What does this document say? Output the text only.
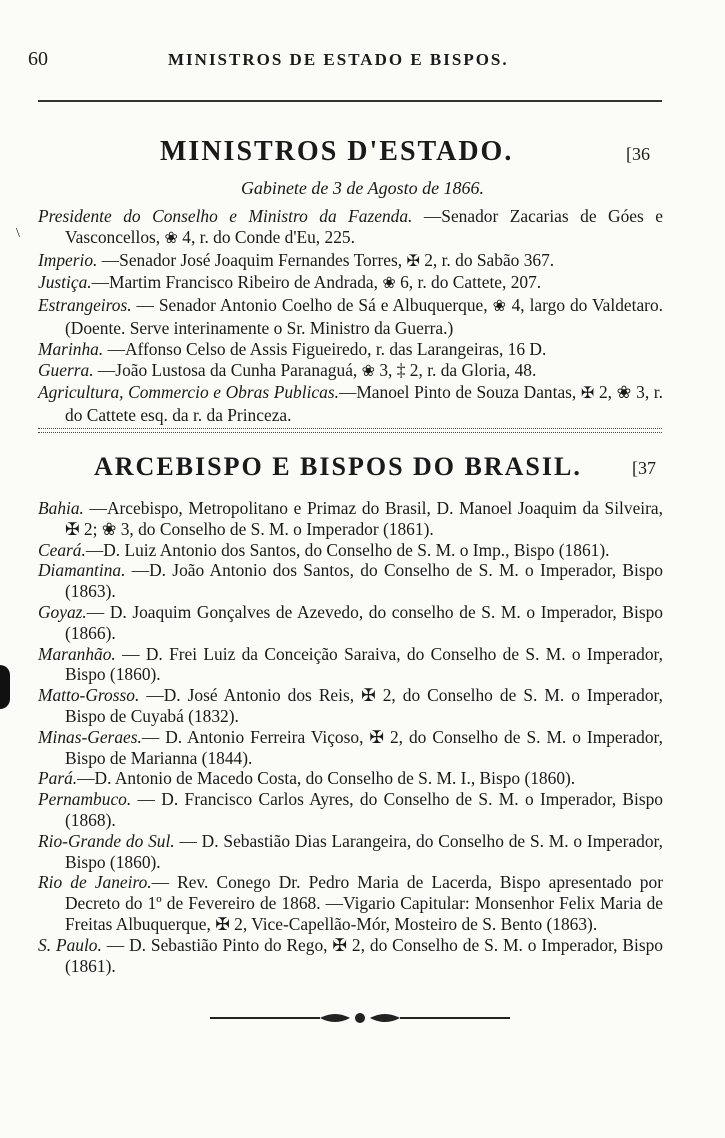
60	MINISTROS DE ESTADO E BISPOS.
MINISTROS D'ESTADO.	[36
Gabinete de 3 de Agosto de 1866.
\

Presidente do Conselho e Ministro da Fazenda. —Senador Zacarias de Góes e Vasconcellos, ❀ 4, r. do Conde d'Eu, 225.

Imperio. —Senador José Joaquim Fernandes Torres, ✠ 2, r. do Sabão 367.

Justiça.—Martim Francisco Ribeiro de Andrada, ❀ 6, r. do Cattete, 207.

Estrangeiros. — Senador Antonio Coelho de Sá e Albuquerque, ❀ 4, largo do Valdetaro. (Doente. Serve interinamente o Sr. Ministro da Guerra.)

Marinha. —Affonso Celso de Assis Figueiredo, r. das Larangeiras, 16 D.

Guerra. —João Lustosa da Cunha Paranaguá, ❀ 3, ‡ 2, r. da Gloria, 48.

Agricultura, Commercio e Obras Publicas.—Manoel Pinto de Souza Dantas, ✠ 2, ❀ 3, r. do Cattete esq. da r. da Princeza.

ARCEBISPO E BISPOS DO BRASIL.	[37

Bahia. —Arcebispo, Metropolitano e Primaz do Brasil, D. Manoel Joaquim da Silveira, ✠ 2; ❀ 3, do Conselho de S. M. o Imperador (1861).

Ceará.—D. Luiz Antonio dos Santos, do Conselho de S. M. o Imp., Bispo (1861).

Diamantina. —D. João Antonio dos Santos, do Conselho de S. M. o Imperador, Bispo (1863).

Goyaz.— D. Joaquim Gonçalves de Azevedo, do conselho de S. M. o Imperador, Bispo (1866).

Maranhão. — D. Frei Luiz da Conceição Saraiva, do Conselho de S. M. o Imperador, Bispo (1860).

Matto-Grosso. —D. José Antonio dos Reis, ✠ 2, do Conselho de S. M. o Imperador, Bispo de Cuyabá (1832).

Minas-Geraes.— D. Antonio Ferreira Viçoso, ✠ 2, do Conselho de S. M. o Imperador, Bispo de Marianna (1844).

Pará.—D. Antonio de Macedo Costa, do Conselho de S. M. I., Bispo (1860).

Pernambuco. — D. Francisco Carlos Ayres, do Conselho de S. M. o Imperador, Bispo (1868).

Rio-Grande do Sul. — D. Sebastião Dias Larangeira, do Conselho de S. M. o Imperador, Bispo (1860).

Rio de Janeiro.— Rev. Conego Dr. Pedro Maria de Lacerda, Bispo apresentado por Decreto do 1º de Fevereiro de 1868. —Vigario Capitular: Monsenhor Felix Maria de Freitas Albuquerque, ✠ 2, Vice-Capellão-Mór, Mosteiro de S. Bento (1863).

S. Paulo. — D. Sebastião Pinto do Rego, ✠ 2, do Conselho de S. M. o Imperador, Bispo (1861).
